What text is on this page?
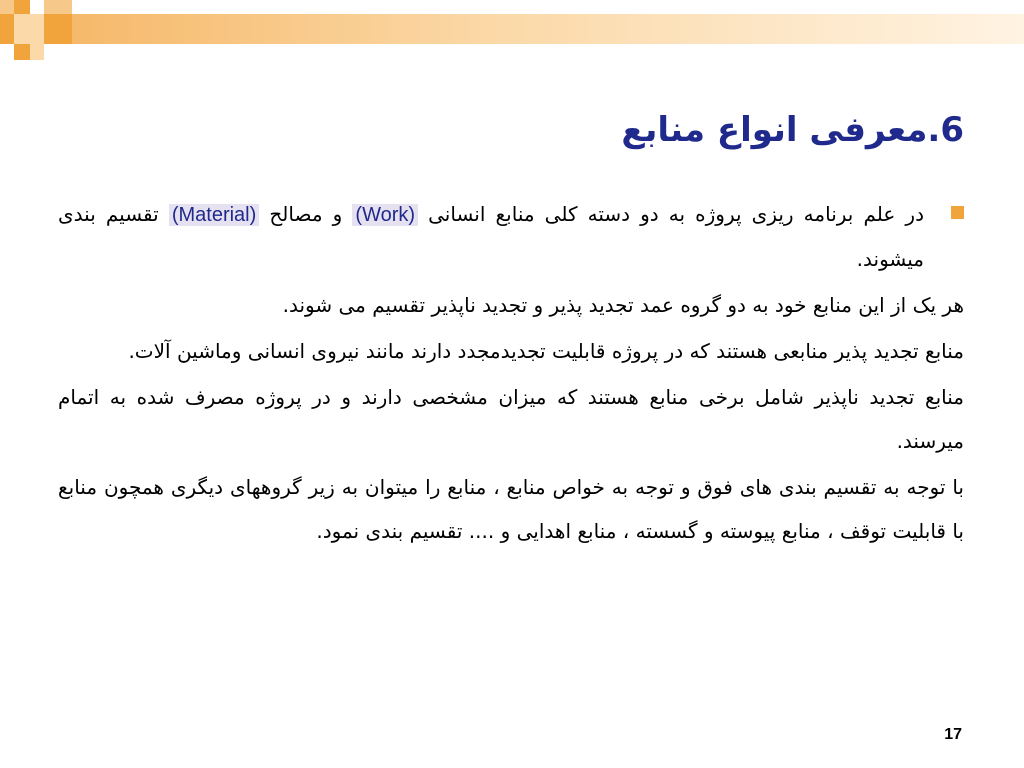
6.معرفی انواع منابع

در علم برنامه ریزی پروژه به دو دسته کلی منابع انسانی (Work) و مصالح (Material) تقسیم بندی میشوند.

هر یک از این منابع خود به دو گروه عمد تجدید پذیر و تجدید ناپذیر تقسیم می شوند.

منابع تجدید پذیر منابعی هستند که در پروژه قابلیت تجدیدمجدد دارند مانند نیروی انسانی وماشین آلات.

منابع تجدید ناپذیر شامل برخی منابع هستند که میزان مشخصی دارند و در پروژه مصرف شده به اتمام میرسند.

با توجه به تقسیم بندی های فوق و توجه به خواص منابع ، منابع را میتوان به زیر گروههای دیگری همچون منابع با قابلیت توقف ، منابع پیوسته و گسسته ، منابع اهدایی و .... تقسیم بندی نمود.

17
